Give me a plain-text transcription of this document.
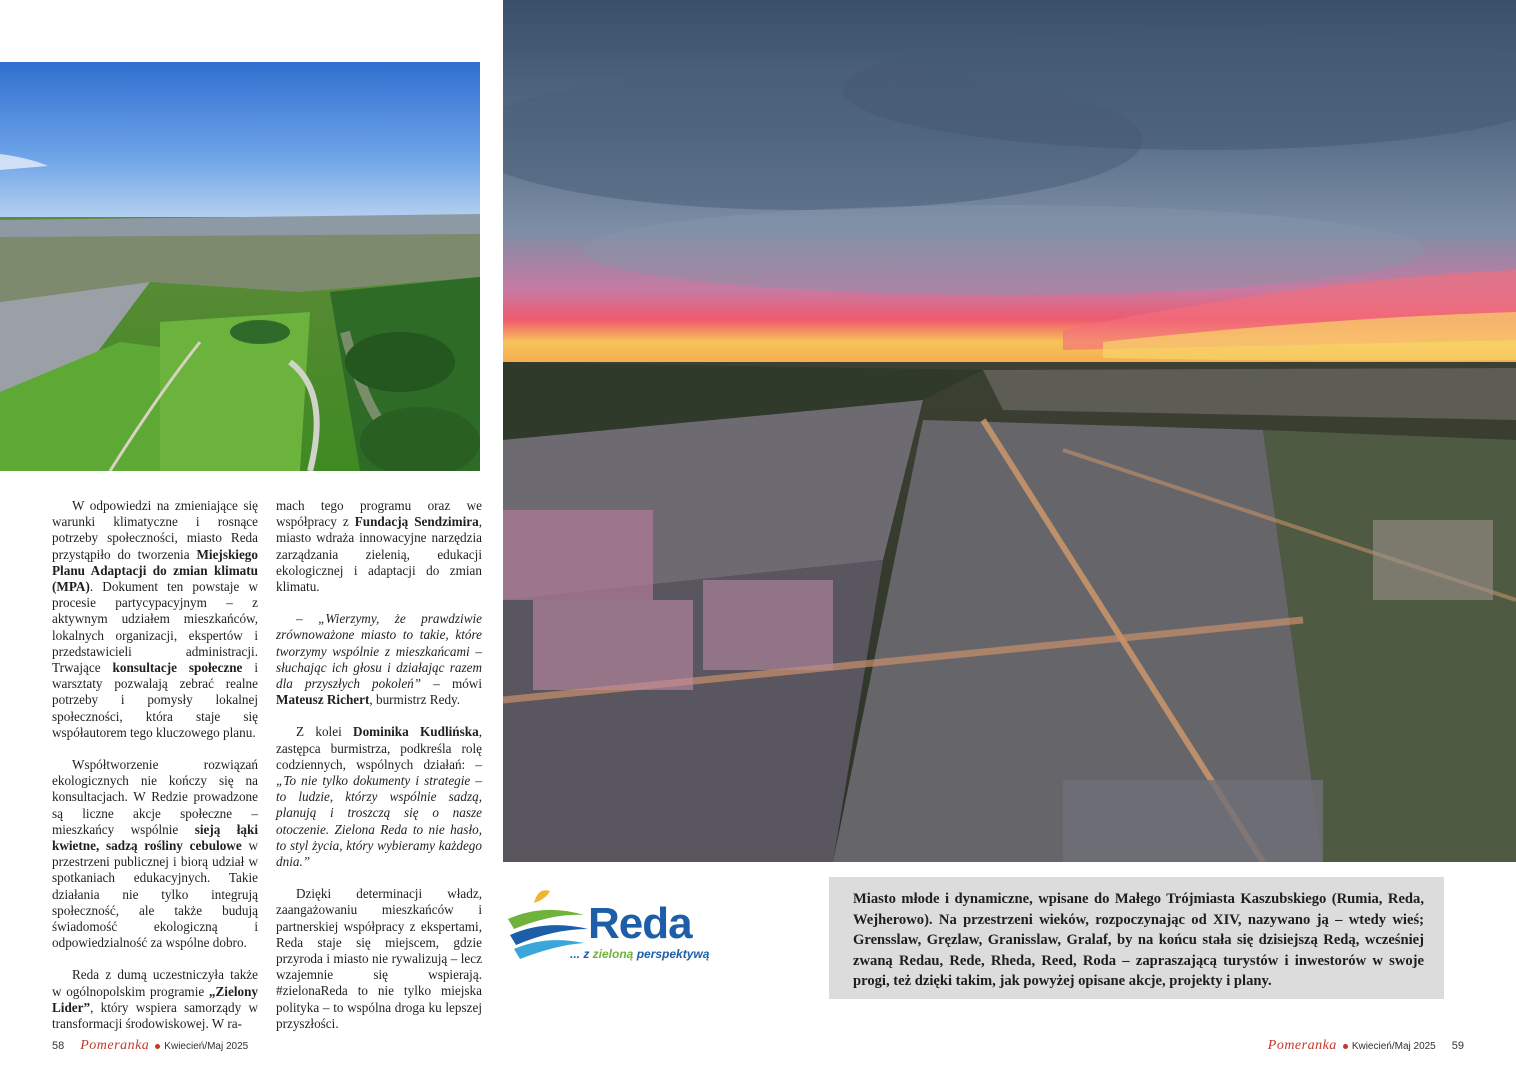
W odpowiedzi na zmieniające się warunki klimatyczne i rosnące potrzeby społeczności, miasto Reda przystąpiło do tworzenia Miejskiego Planu Adaptacji do zmian klimatu (MPA). Dokument ten powstaje w procesie partycypacyjnym – z aktywnym udziałem mieszkańców, lokalnych organizacji, ekspertów i przedstawicieli administracji. Trwające konsultacje społeczne i warsztaty pozwalają zebrać realne potrzeby i pomysły lokalnej społeczności, która staje się współautorem tego kluczowego planu.

Współtworzenie rozwiązań ekologicznych nie kończy się na konsultacjach. W Redzie prowadzone są liczne akcje społeczne – mieszkańcy wspólnie sieją łąki kwietne, sadzą rośliny cebulowe w przestrzeni publicznej i biorą udział w spotkaniach edukacyjnych. Takie działania nie tylko integrują społeczność, ale także budują świadomość ekologiczną i odpowiedzialność za wspólne dobro.

Reda z dumą uczestniczyła także w ogólnopolskim programie „Zielony Lider”, który wspiera samorządy w transformacji środowiskowej. W ra-

mach tego programu oraz we współpracy z Fundacją Sendzimira, miasto wdraża innowacyjne narzędzia zarządzania zielenią, edukacji ekologicznej i adaptacji do zmian klimatu.

– „Wierzymy, że prawdziwie zrównoważone miasto to takie, które tworzymy wspólnie z mieszkańcami – słuchając ich głosu i działając razem dla przyszłych pokoleń” – mówi Mateusz Richert, burmistrz Redy.

Z kolei Dominika Kudlińska, zastępca burmistrza, podkreśla rolę codziennych, wspólnych działań: – „To nie tylko dokumenty i strategie – to ludzie, którzy wspólnie sadzą, planują i troszczą się o nasze otoczenie. Zielona Reda to nie hasło, to styl życia, który wybieramy każdego dnia.”

Dzięki determinacji władz, zaangażowaniu mieszkańców i partnerskiej współpracy z ekspertami, Reda staje się miejscem, gdzie przyroda i miasto nie rywalizują – lecz wzajemnie się wspierają. #zielonaReda to nie tylko miejska polityka – to wspólna droga ku lepszej przyszłości.

Reda
... z zieloną perspektywą
Miasto młode i dynamiczne, wpisane do Małego Trójmiasta Kaszubskiego (Rumia, Reda, Wejherowo). Na przestrzeni wieków, rozpoczynając od XIV, nazywano ją – wtedy wieś; Grensslaw, Gręzlaw, Granisslaw, Gralaf, by na końcu stała się dzisiejszą Redą, wcześniej zwaną Redau, Rede, Rheda, Reed, Roda – zapraszającą turystów i inwestorów w swoje progi, też dzięki takim, jak powyżej opisane akcje, projekty i plany.
58 Pomeranka Kwiecień/Maj 2025	Pomeranka Kwiecień/Maj 2025 59
